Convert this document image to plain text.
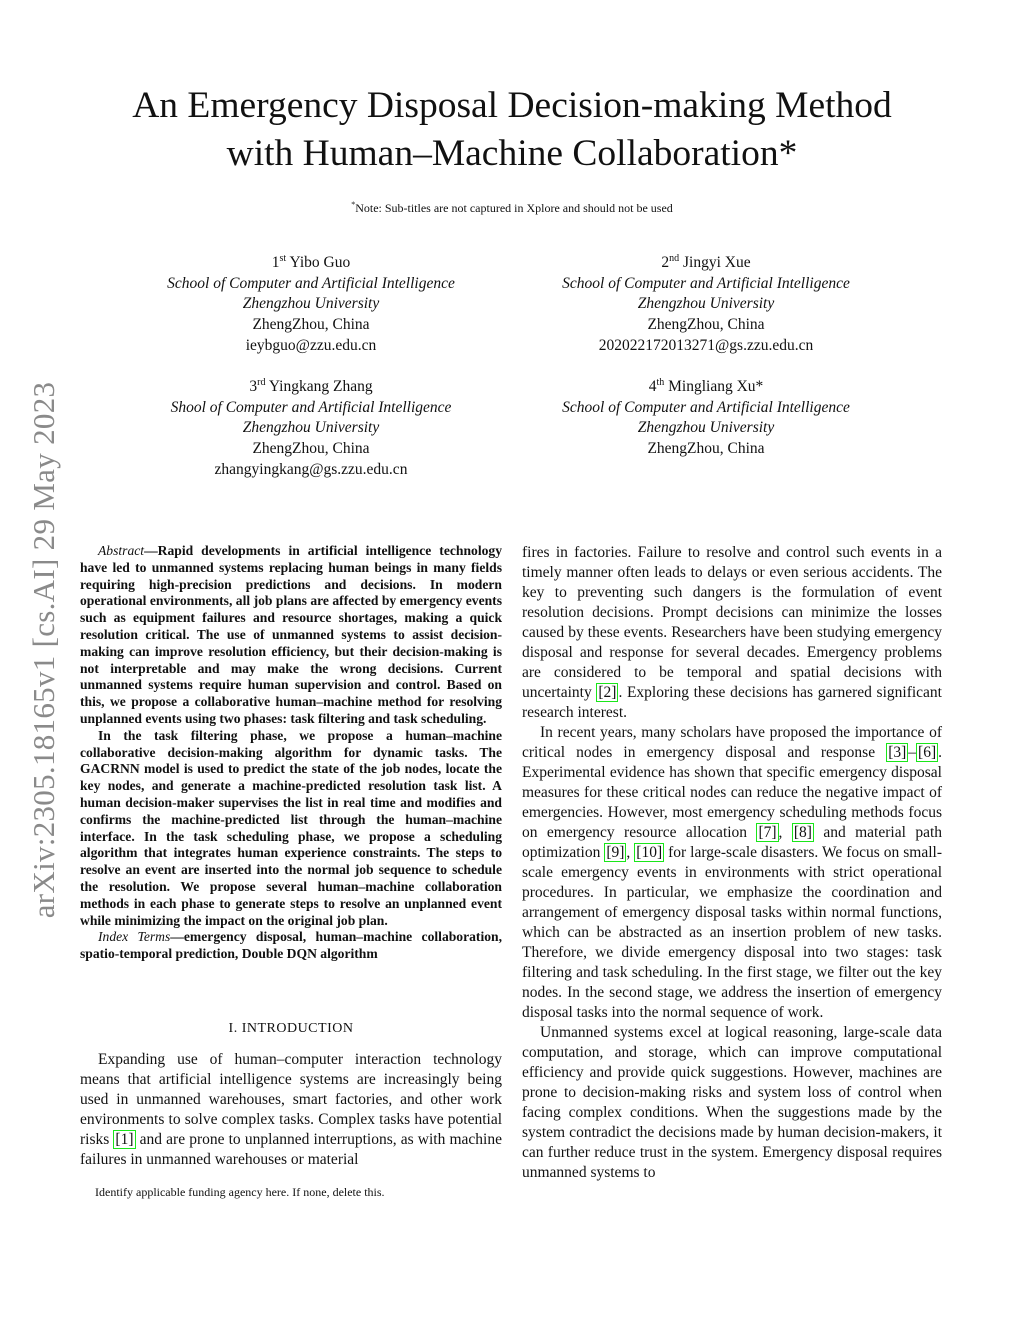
arXiv:2305.18165v1 [cs.AI] 29 May 2023
An Emergency Disposal Decision-making Method
with Human–Machine Collaboration*
*Note: Sub-titles are not captured in Xplore and should not be used
1st Yibo Guo
School of Computer and Artificial Intelligence
Zhengzhou University
ZhengZhou, China
ieybguo@zzu.edu.cn
2nd Jingyi Xue
School of Computer and Artificial Intelligence
Zhengzhou University
ZhengZhou, China
202022172013271@gs.zzu.edu.cn
3rd Yingkang Zhang
Shool of Computer and Artificial Intelligence
Zhengzhou University
ZhengZhou, China
zhangyingkang@gs.zzu.edu.cn
4th Mingliang Xu*
School of Computer and Artificial Intelligence
Zhengzhou University
ZhengZhou, China

Abstract—Rapid developments in artificial intelligence technology have led to unmanned systems replacing human beings in many fields requiring high-precision predictions and decisions. In modern operational environments, all job plans are affected by emergency events such as equipment failures and resource shortages, making a quick resolution critical. The use of unmanned systems to assist decision-making can improve resolution efficiency, but their decision-making is not interpretable and may make the wrong decisions. Current unmanned systems require human supervision and control. Based on this, we propose a collaborative human–machine method for resolving unplanned events using two phases: task filtering and task scheduling.

In the task filtering phase, we propose a human–machine collaborative decision-making algorithm for dynamic tasks. The GACRNN model is used to predict the state of the job nodes, locate the key nodes, and generate a machine-predicted resolution task list. A human decision-maker supervises the list in real time and modifies and confirms the machine-predicted list through the human–machine interface. In the task scheduling phase, we propose a scheduling algorithm that integrates human experience constraints. The steps to resolve an event are inserted into the normal job sequence to schedule the resolution. We propose several human–machine collaboration methods in each phase to generate steps to resolve an unplanned event while minimizing the impact on the original job plan.

Index Terms—emergency disposal, human–machine collaboration, spatio-temporal prediction, Double DQN algorithm

I. INTRODUCTION

Expanding use of human–computer interaction technology means that artificial intelligence systems are increasingly being used in unmanned warehouses, smart factories, and other work environments to solve complex tasks. Complex tasks have potential risks [1] and are prone to unplanned interruptions, as with machine failures in unmanned warehouses or material

Identify applicable funding agency here. If none, delete this.

fires in factories. Failure to resolve and control such events in a timely manner often leads to delays or even serious accidents. The key to preventing such dangers is the formulation of event resolution decisions. Prompt decisions can minimize the losses caused by these events. Researchers have been studying emergency disposal and response for several decades. Emergency problems are considered to be temporal and spatial decisions with uncertainty [2] . Exploring these decisions has garnered significant research interest.

In recent years, many scholars have proposed the importance of critical nodes in emergency disposal and response [3] – [6] . Experimental evidence has shown that specific emergency disposal measures for these critical nodes can reduce the negative impact of emergencies. However, most emergency scheduling methods focus on emergency resource allocation [7] , [8] and material path optimization [9] , [10] for large-scale disasters. We focus on small-scale emergency events in environments with strict operational procedures. In particular, we emphasize the coordination and arrangement of emergency disposal tasks within normal functions, which can be abstracted as an insertion problem of new tasks. Therefore, we divide emergency disposal into two stages: task filtering and task scheduling. In the first stage, we filter out the key nodes. In the second stage, we address the insertion of emergency disposal tasks into the normal sequence of work.

Unmanned systems excel at logical reasoning, large-scale data computation, and storage, which can improve computational efficiency and provide quick suggestions. However, machines are prone to decision-making risks and system loss of control when facing complex conditions. When the suggestions made by the system contradict the decisions made by human decision-makers, it can further reduce trust in the system. Emergency disposal requires unmanned systems to
